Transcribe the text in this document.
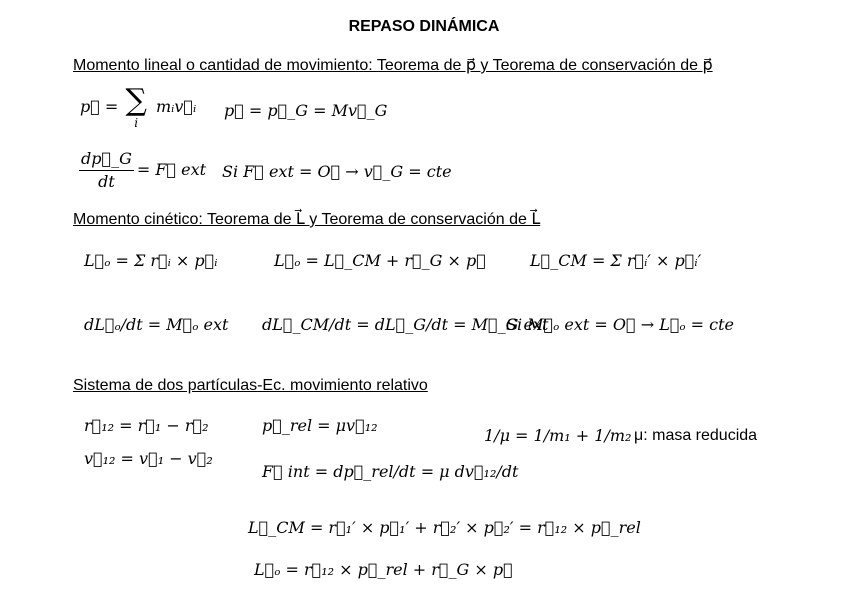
REPASO DINÁMICA
Momento lineal o cantidad de movimiento: Teorema de p⃗ y Teorema de conservación de p⃗
p⃗ = ∑
i
mᵢv⃗ᵢ p⃗ = p⃗_G = Mv⃗_G
$\frac{dp⃗\_G}{dt}$ = F⃗ ext Si F⃗ ext = O⃗ → v⃗_G = cte
Momento cinético: Teorema de L⃗ y Teorema de conservación de L⃗
L⃗ₒ = Σ r⃗ᵢ × p⃗ᵢ	L⃗ₒ = L⃗_CM + r⃗_G × p⃗	L⃗_CM = Σ r⃗ᵢ′ × p⃗ᵢ′
dL⃗ₒ/dt = M⃗ₒ ext dL⃗_CM/dt = dL⃗_G/dt = M⃗_G ext
Si M⃗ₒ ext = O⃗ → L⃗ₒ = cte
Sistema de dos partículas-Ec. movimiento relativo
r⃗₁₂ = r⃗₁ − r⃗₂
v⃗₁₂ = v⃗₁ − v⃗₂
p⃗_rel = μv⃗₁₂
F⃗ int = dp⃗_rel/dt = μ dv⃗₁₂/dt
1/μ = 1/m₁ + 1/m₂ μ: masa reducida
L⃗_CM = r⃗₁′ × p⃗₁′ + r⃗₂′ × p⃗₂′ = r⃗₁₂ × p⃗_rel
L⃗ₒ = r⃗₁₂ × p⃗_rel + r⃗_G × p⃗
